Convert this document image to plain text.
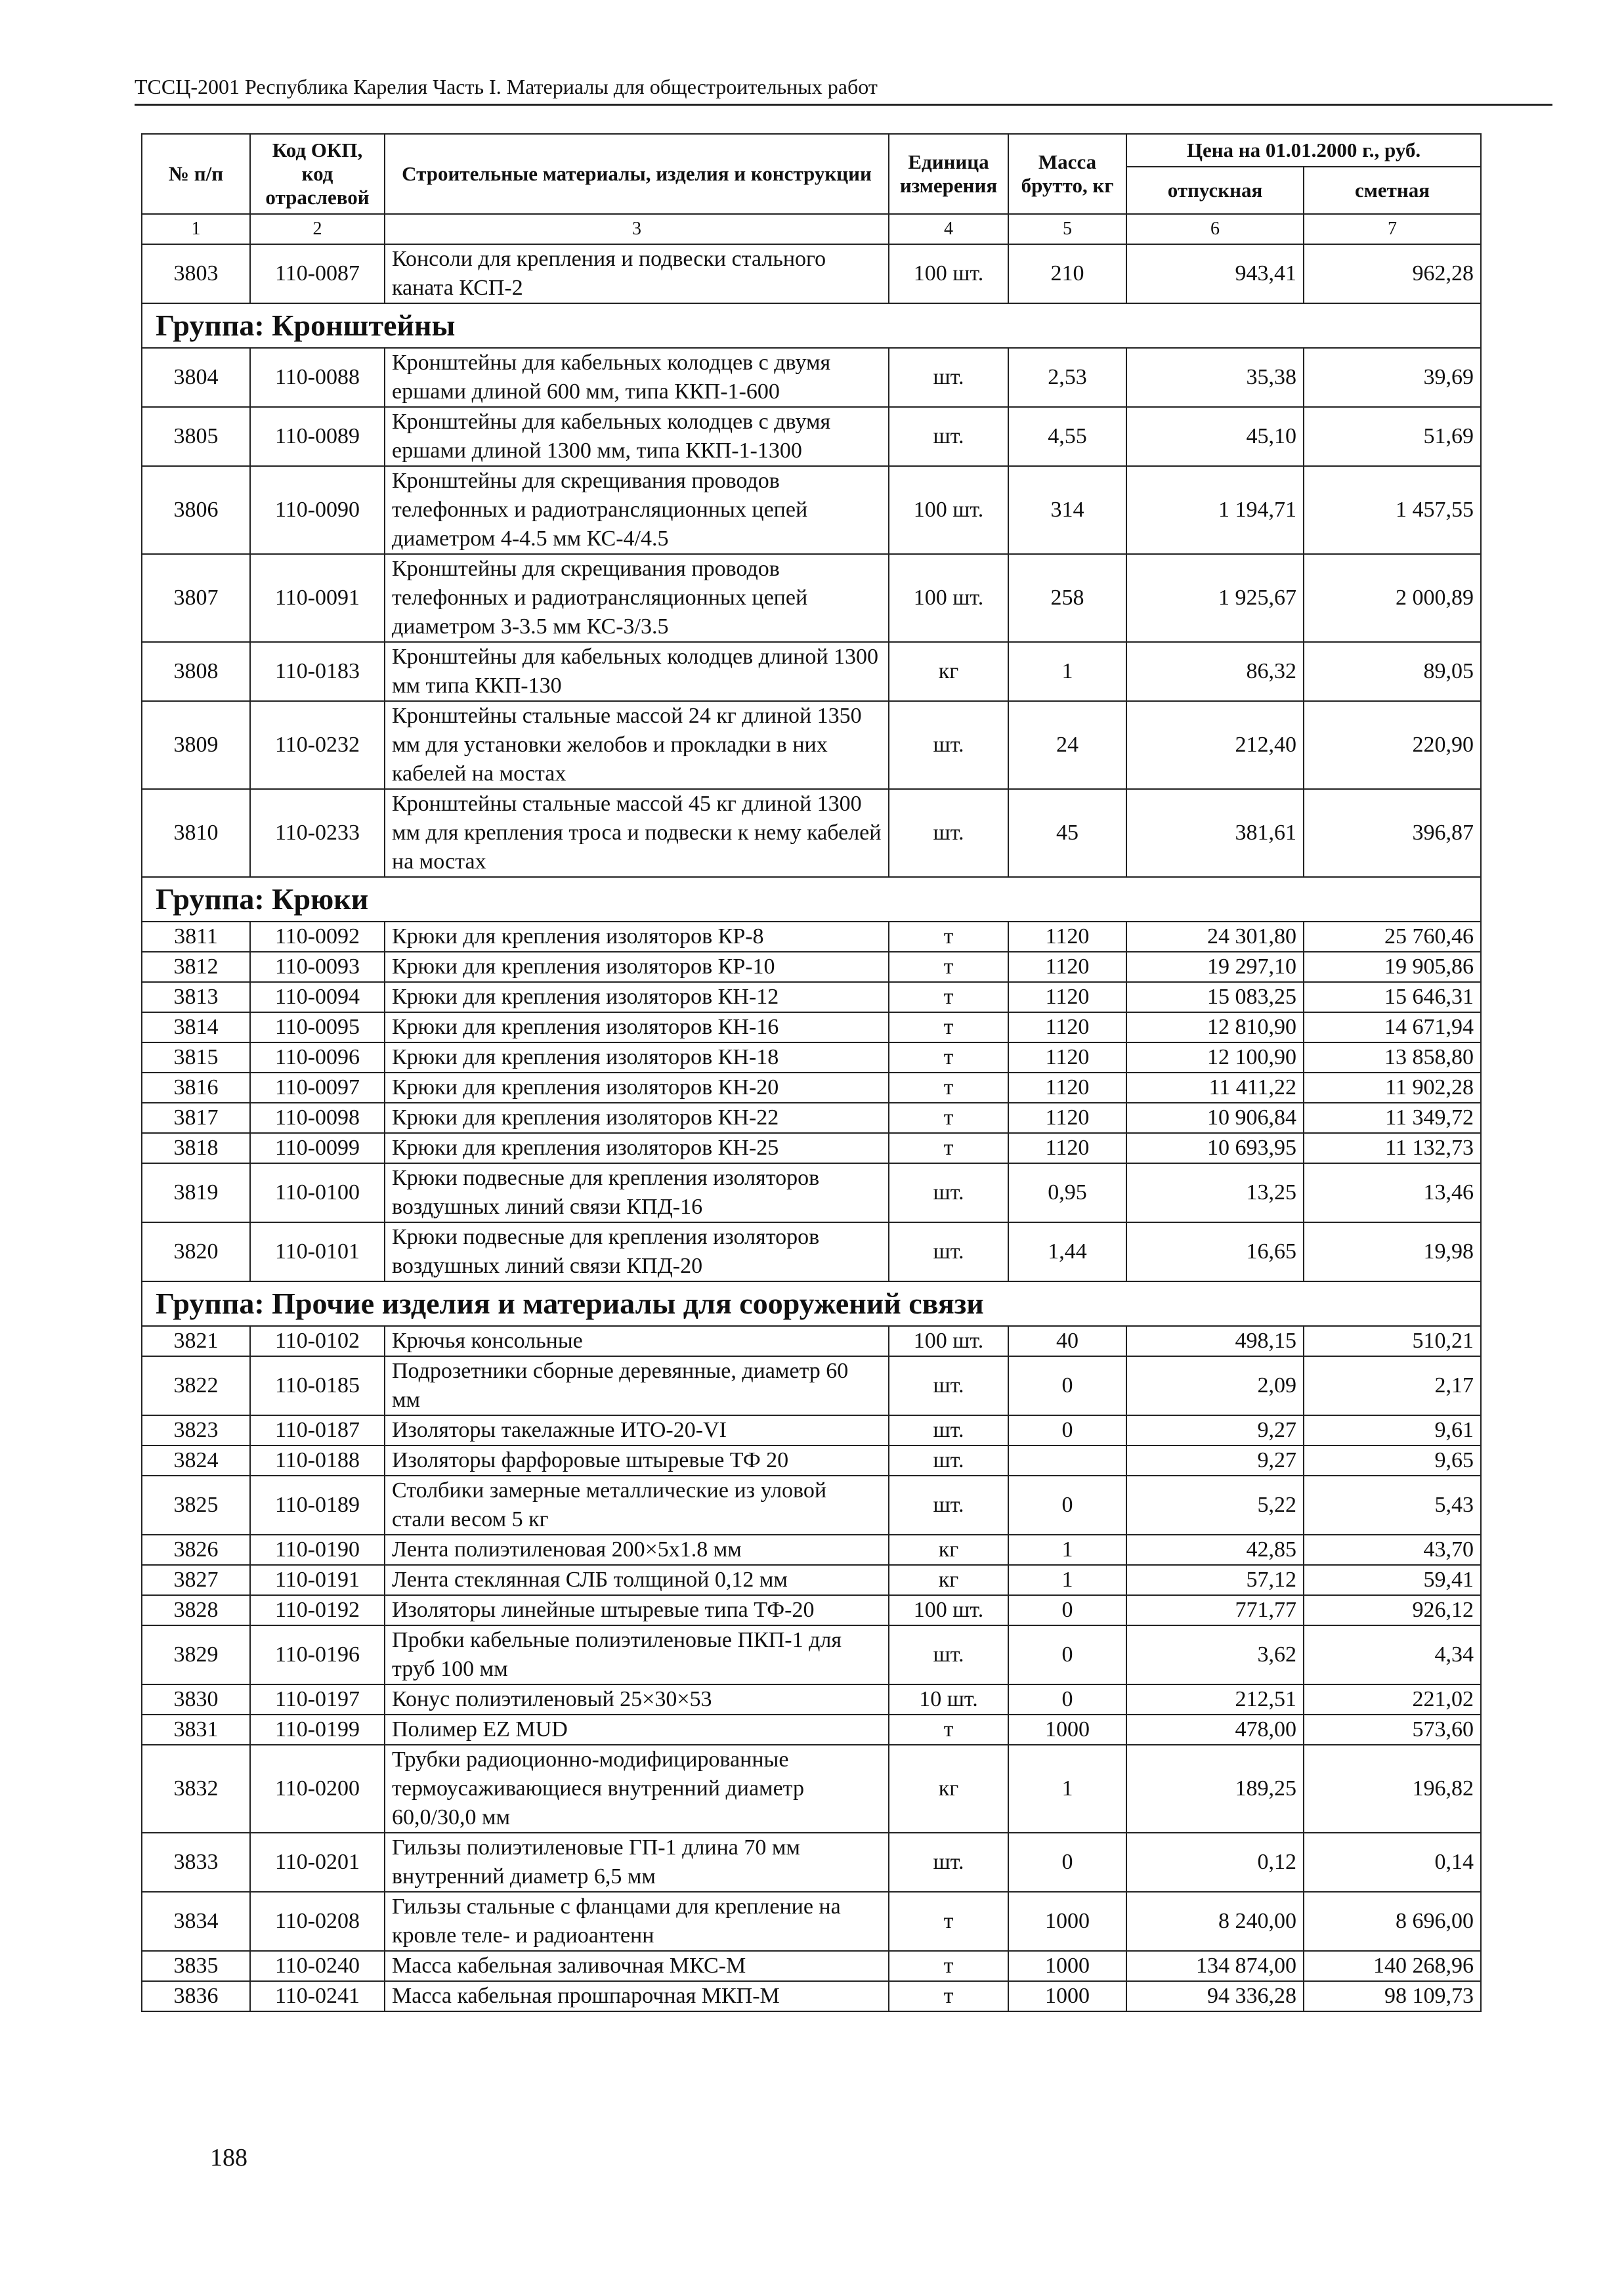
ТССЦ-2001 Республика Карелия Часть I. Материалы для общестроительных работ
№ п/п	Код ОКП, код отраслевой	Строительные материалы, изделия и конструкции	Единица измерения	Масса брутто, кг	Цена на 01.01.2000 г., руб.	
					отпускная	сметная
1	2	3	4	5	6	7
3803	110-0087	Консоли для крепления и подвески стального каната КСП-2	100 шт.	210	943,41	962,28
Группа: Кронштейны						
3804	110-0088	Кронштейны для кабельных колодцев с двумя ершами длиной 600 мм, типа ККП-1-600	шт.	2,53	35,38	39,69
3805	110-0089	Кронштейны для кабельных колодцев с двумя ершами длиной 1300 мм, типа ККП-1-1300	шт.	4,55	45,10	51,69
3806	110-0090	Кронштейны для скрещивания проводов телефонных и радиотрансляционных цепей диаметром 4-4.5 мм КС-4/4.5	100 шт.	314	1 194,71	1 457,55
3807	110-0091	Кронштейны для скрещивания проводов телефонных и радиотрансляционных цепей диаметром 3-3.5 мм КС-3/3.5	100 шт.	258	1 925,67	2 000,89
3808	110-0183	Кронштейны для кабельных колодцев длиной 1300 мм типа ККП-130	кг	1	86,32	89,05
3809	110-0232	Кронштейны стальные массой 24 кг длиной 1350 мм для установки желобов и прокладки в них кабелей на мостах	шт.	24	212,40	220,90
3810	110-0233	Кронштейны стальные массой 45 кг длиной 1300 мм для крепления троса и подвески к нему кабелей на мостах	шт.	45	381,61	396,87
Группа: Крюки						
3811	110-0092	Крюки для крепления изоляторов КР-8	т	1120	24 301,80	25 760,46
3812	110-0093	Крюки для крепления изоляторов КР-10	т	1120	19 297,10	19 905,86
3813	110-0094	Крюки для крепления изоляторов КН-12	т	1120	15 083,25	15 646,31
3814	110-0095	Крюки для крепления изоляторов КН-16	т	1120	12 810,90	14 671,94
3815	110-0096	Крюки для крепления изоляторов КН-18	т	1120	12 100,90	13 858,80
3816	110-0097	Крюки для крепления изоляторов КН-20	т	1120	11 411,22	11 902,28
3817	110-0098	Крюки для крепления изоляторов КН-22	т	1120	10 906,84	11 349,72
3818	110-0099	Крюки для крепления изоляторов КН-25	т	1120	10 693,95	11 132,73
3819	110-0100	Крюки подвесные для крепления изоляторов воздушных линий связи КПД-16	шт.	0,95	13,25	13,46
3820	110-0101	Крюки подвесные для крепления изоляторов воздушных линий связи КПД-20	шт.	1,44	16,65	19,98
Группа: Прочие изделия и материалы для сооружений связи						
3821	110-0102	Крючья консольные	100 шт.	40	498,15	510,21
3822	110-0185	Подрозетники сборные деревянные, диаметр 60 мм	шт.	0	2,09	2,17
3823	110-0187	Изоляторы такелажные ИТО-20-VI	шт.	0	9,27	9,61
3824	110-0188	Изоляторы фарфоровые штыревые ТФ 20	шт.		9,27	9,65
3825	110-0189	Столбики замерные металлические из уловой стали весом 5 кг	шт.	0	5,22	5,43
3826	110-0190	Лента полиэтиленовая 200×5х1.8 мм	кг	1	42,85	43,70
3827	110-0191	Лента стеклянная СЛБ толщиной 0,12 мм	кг	1	57,12	59,41
3828	110-0192	Изоляторы линейные штыревые типа ТФ-20	100 шт.	0	771,77	926,12
3829	110-0196	Пробки кабельные полиэтиленовые ПКП-1 для труб 100 мм	шт.	0	3,62	4,34
3830	110-0197	Конус полиэтиленовый 25×30×53	10 шт.	0	212,51	221,02
3831	110-0199	Полимер EZ MUD	т	1000	478,00	573,60
3832	110-0200	Трубки радиоционно-модифицированные термоусаживающиеся внутренний диаметр 60,0/30,0 мм	кг	1	189,25	196,82
3833	110-0201	Гильзы полиэтиленовые ГП-1 длина 70 мм внутренний диаметр 6,5 мм	шт.	0	0,12	0,14
3834	110-0208	Гильзы стальные с фланцами для крепление на кровле теле- и радиоантенн	т	1000	8 240,00	8 696,00
3835	110-0240	Масса кабельная заливочная МКС-М	т	1000	134 874,00	140 268,96
3836	110-0241	Масса кабельная прошпарочная МКП-М	т	1000	94 336,28	98 109,73
188
